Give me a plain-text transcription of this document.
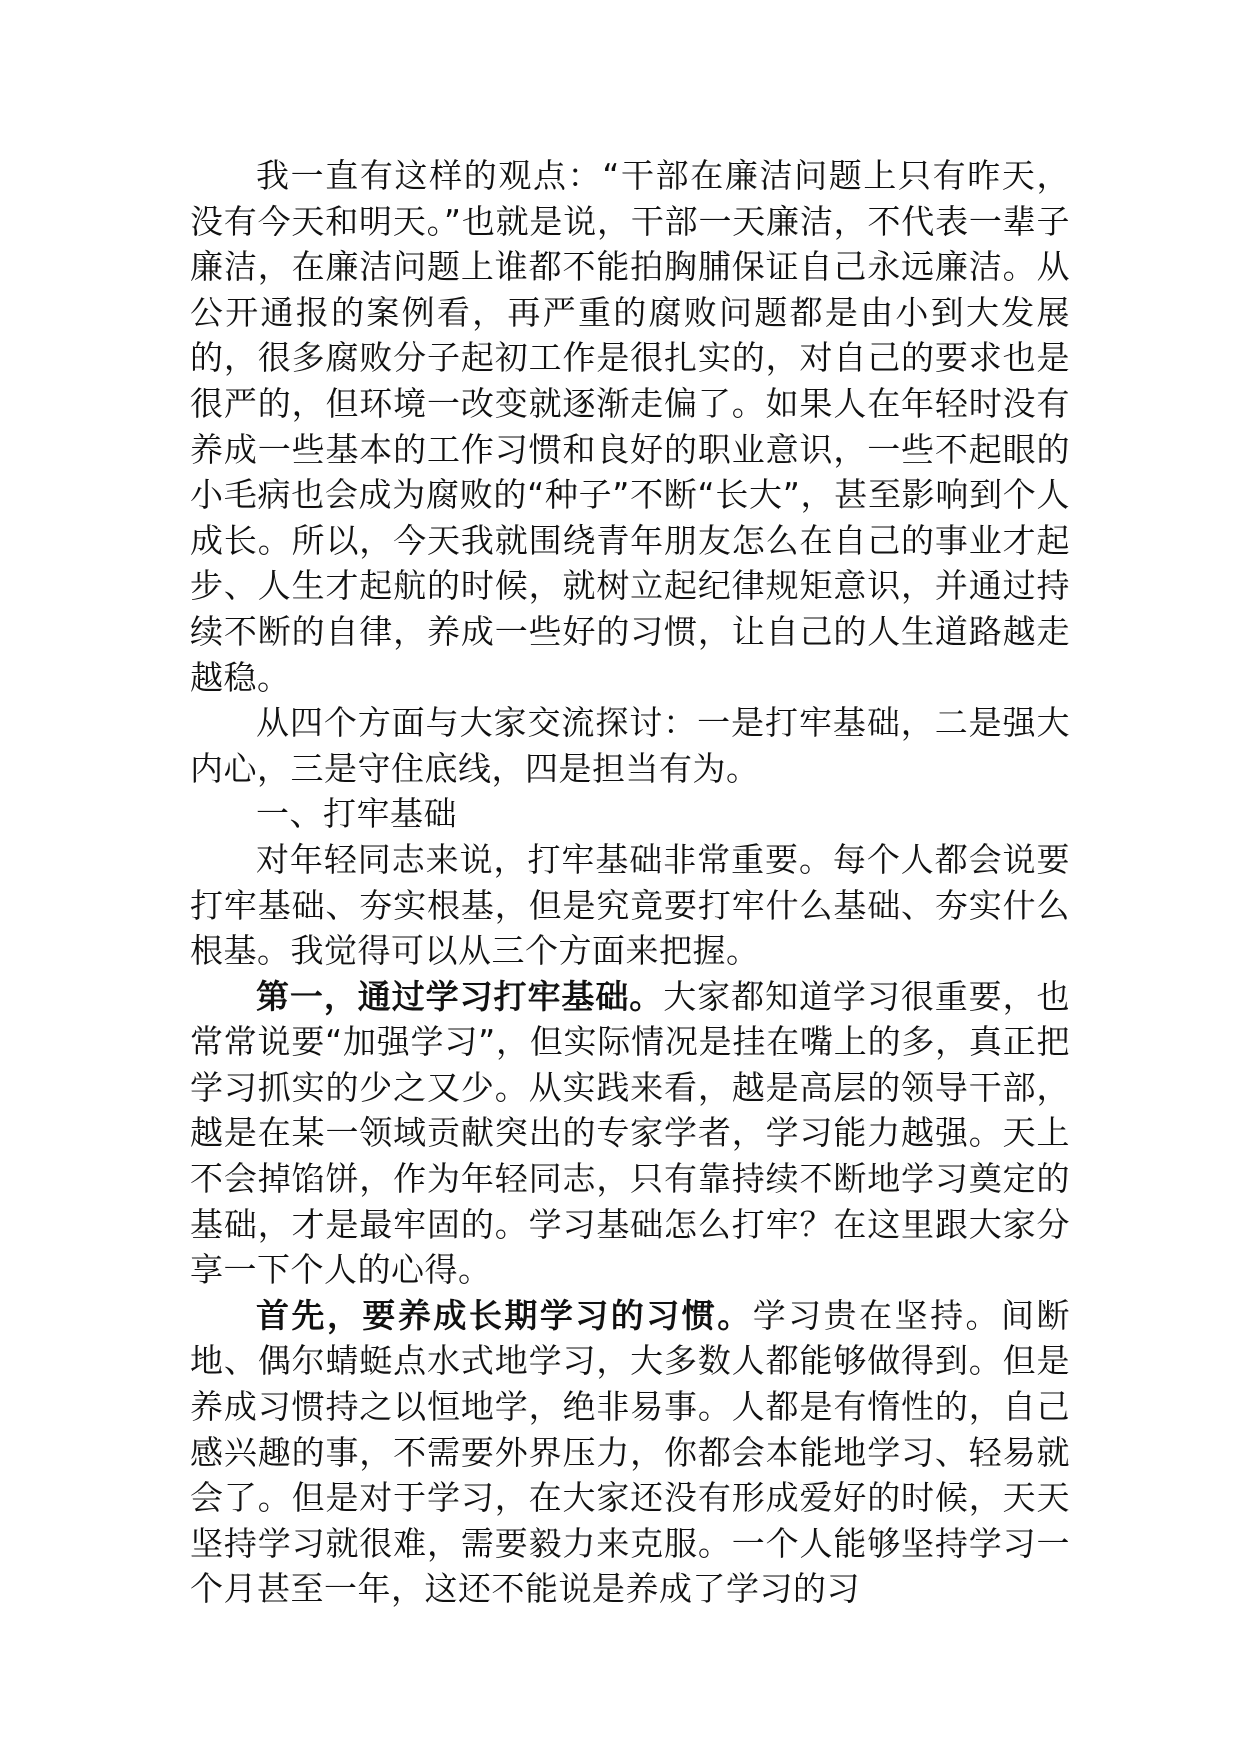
我一直有这样的观点：“干部在廉洁问题上只有昨天，没有今天和明天。”也就是说，干部一天廉洁，不代表一辈子廉洁，在廉洁问题上谁都不能拍胸脯保证自己永远廉洁。从公开通报的案例看，再严重的腐败问题都是由小到大发展的，很多腐败分子起初工作是很扎实的，对自己的要求也是很严的，但环境一改变就逐渐走偏了。如果人在年轻时没有养成一些基本的工作习惯和良好的职业意识，一些不起眼的小毛病也会成为腐败的“种子”不断“长大”，甚至影响到个人成长。所以，今天我就围绕青年朋友怎么在自己的事业才起步、人生才起航的时候，就树立起纪律规矩意识，并通过持续不断的自律，养成一些好的习惯，让自己的人生道路越走越稳。

从四个方面与大家交流探讨：一是打牢基础，二是强大内心，三是守住底线，四是担当有为。

一、打牢基础

对年轻同志来说，打牢基础非常重要。每个人都会说要打牢基础、夯实根基，但是究竟要打牢什么基础、夯实什么根基。我觉得可以从三个方面来把握。

第一，通过学习打牢基础。大家都知道学习很重要，也常常说要“加强学习”，但实际情况是挂在嘴上的多，真正把学习抓实的少之又少。从实践来看，越是高层的领导干部，越是在某一领域贡献突出的专家学者，学习能力越强。天上不会掉馅饼，作为年轻同志，只有靠持续不断地学习奠定的基础，才是最牢固的。学习基础怎么打牢？在这里跟大家分享一下个人的心得。

首先，要养成长期学习的习惯。学习贵在坚持。间断地、偶尔蜻蜓点水式地学习，大多数人都能够做得到。但是养成习惯持之以恒地学，绝非易事。人都是有惰性的，自己感兴趣的事，不需要外界压力，你都会本能地学习、轻易就会了。但是对于学习，在大家还没有形成爱好的时候，天天坚持学习就很难，需要毅力来克服。一个人能够坚持学习一个月甚至一年，这还不能说是养成了学习的习
